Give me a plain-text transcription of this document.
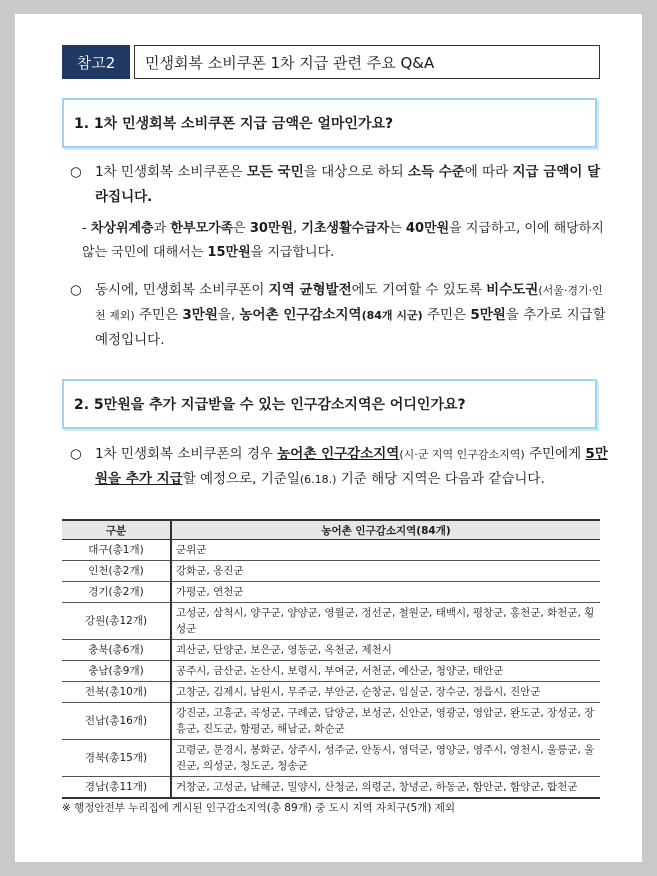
참고2	민생회복 소비쿠폰 1차 지급 관련 주요 Q&A
1. 1차 민생회복 소비쿠폰 지급 금액은 얼마인가요?
○ 1차 민생회복 소비쿠폰은 모든 국민을 대상으로 하되 소득 수준에 따라 지급 금액이 달라집니다.
- 차상위계층과 한부모가족은 30만원, 기초생활수급자는 40만원을 지급하고, 이에 해당하지 않는 국민에 대해서는 15만원을 지급합니다.
○ 동시에, 민생회복 소비쿠폰이 지역 균형발전에도 기여할 수 있도록 비수도권(서울·경기·인천 제외) 주민은 3만원을, 농어촌 인구감소지역(84개 시군) 주민은 5만원을 추가로 지급할 예정입니다.
2. 5만원을 추가 지급받을 수 있는 인구감소지역은 어디인가요?
○ 1차 민생회복 소비쿠폰의 경우 농어촌 인구감소지역(시·군 지역 인구감소지역) 주민에게 5만원을 추가 지급할 예정으로, 기준일(6.18.) 기준 해당 지역은 다음과 같습니다.
구분	농어촌 인구감소지역(84개)
대구(총1개)	군위군
인천(총2개)	강화군, 옹진군
경기(총2개)	가평군, 연천군
강원(총12개)	고성군, 삼척시, 양구군, 양양군, 영월군, 정선군, 철원군, 태백시, 평창군, 홍천군, 화천군, 횡성군
충북(총6개)	괴산군, 단양군, 보은군, 영동군, 옥천군, 제천시
충남(총9개)	공주시, 금산군, 논산시, 보령시, 부여군, 서천군, 예산군, 청양군, 태안군
전북(총10개)	고창군, 김제시, 남원시, 무주군, 부안군, 순창군, 임실군, 장수군, 정읍시, 진안군
전남(총16개)	강진군, 고흥군, 곡성군, 구례군, 담양군, 보성군, 신안군, 영광군, 영암군, 완도군, 장성군, 장흥군, 진도군, 함평군, 해남군, 화순군
경북(총15개)	고령군, 문경시, 봉화군, 상주시, 성주군, 안동시, 영덕군, 영양군, 영주시, 영천시, 울릉군, 울진군, 의성군, 청도군, 청송군
경남(총11개)	거창군, 고성군, 남해군, 밀양시, 산청군, 의령군, 창녕군, 하동군, 함안군, 함양군, 합천군
※ 행정안전부 누리집에 게시된 인구감소지역(총 89개) 중 도시 지역 자치구(5개) 제외
